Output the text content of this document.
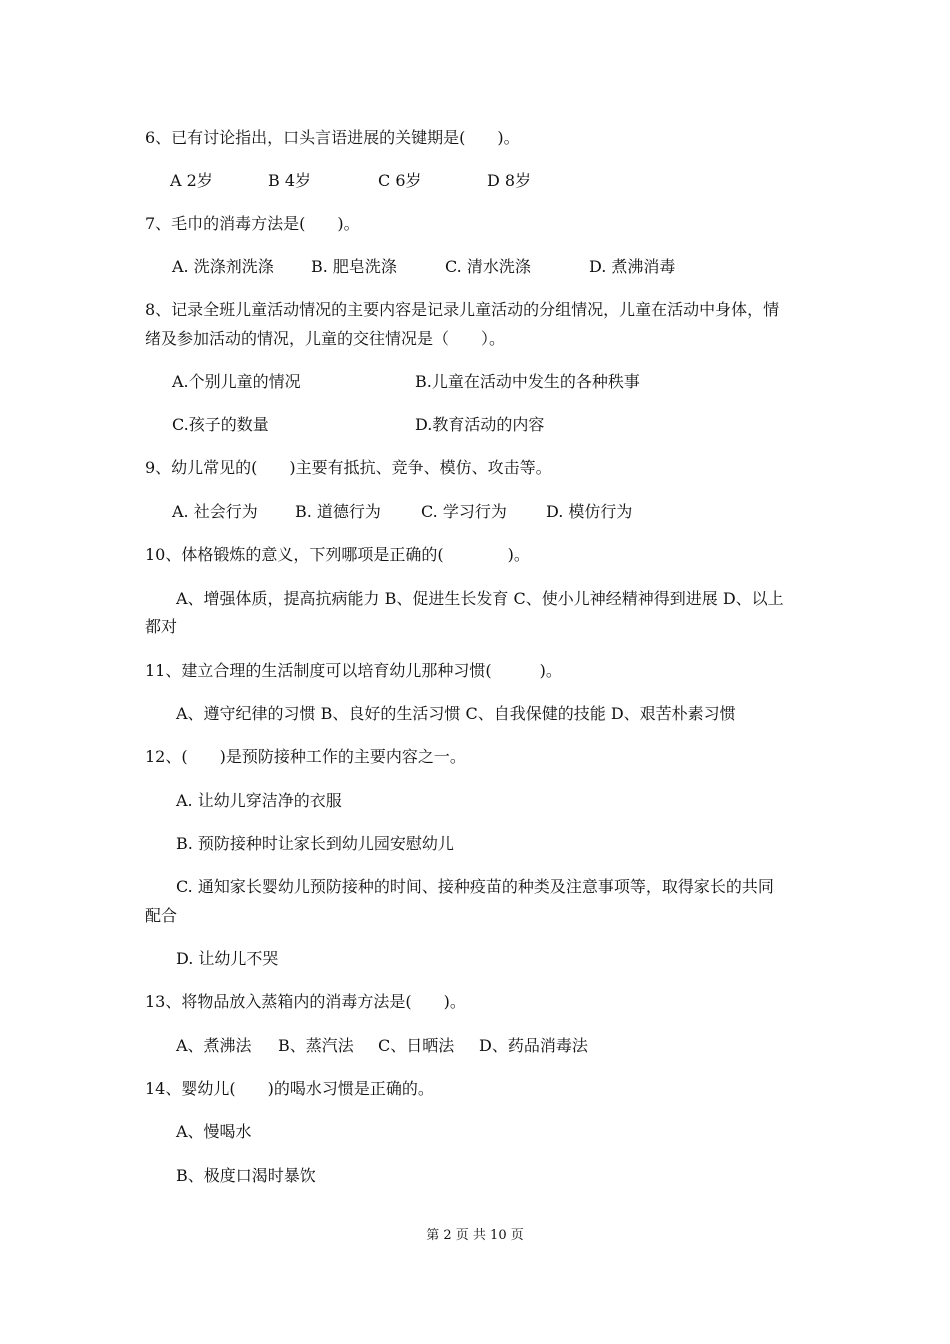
6、已有讨论指出，口头言语进展的关键期是(　　)。
A 2岁	B 4岁	C 6岁	D 8岁
7、毛巾的消毒方法是(　　)。
A. 洗涤剂洗涤 B. 肥皂洗涤	C. 清水洗涤	D. 煮沸消毒
8、记录全班儿童活动情况的主要内容是记录儿童活动的分组情况，儿童在活动中身体，情
绪及参加活动的情况，儿童的交往情况是（　　）。
A.个别儿童的情况	B.儿童在活动中发生的各种秩事
C.孩子的数量	D.教育活动的内容
9、幼儿常见的(　　)主要有抵抗、竞争、模仿、攻击等。
A. 社会行为 B. 道德行为	C. 学习行为 D. 模仿行为
10、体格锻炼的意义，下列哪项是正确的(　　　　)。
A、增强体质，提高抗病能力 B、促进生长发育 C、使小儿神经精神得到进展 D、以上
都对
11、建立合理的生活制度可以培育幼儿那种习惯(　　　)。
A、遵守纪律的习惯 B、良好的生活习惯 C、自我保健的技能 D、艰苦朴素习惯
12、(　　)是预防接种工作的主要内容之一。
A. 让幼儿穿洁净的衣服
B. 预防接种时让家长到幼儿园安慰幼儿
C. 通知家长婴幼儿预防接种的时间、接种疫苗的种类及注意事项等，取得家长的共同
配合
D. 让幼儿不哭
13、将物品放入蒸箱内的消毒方法是(　　)。
A、煮沸法 B、蒸汽法 C、日晒法 D、药品消毒法
14、婴幼儿(　　)的喝水习惯是正确的。
A、慢喝水
B、极度口渴时暴饮
第 2 页 共 10 页
